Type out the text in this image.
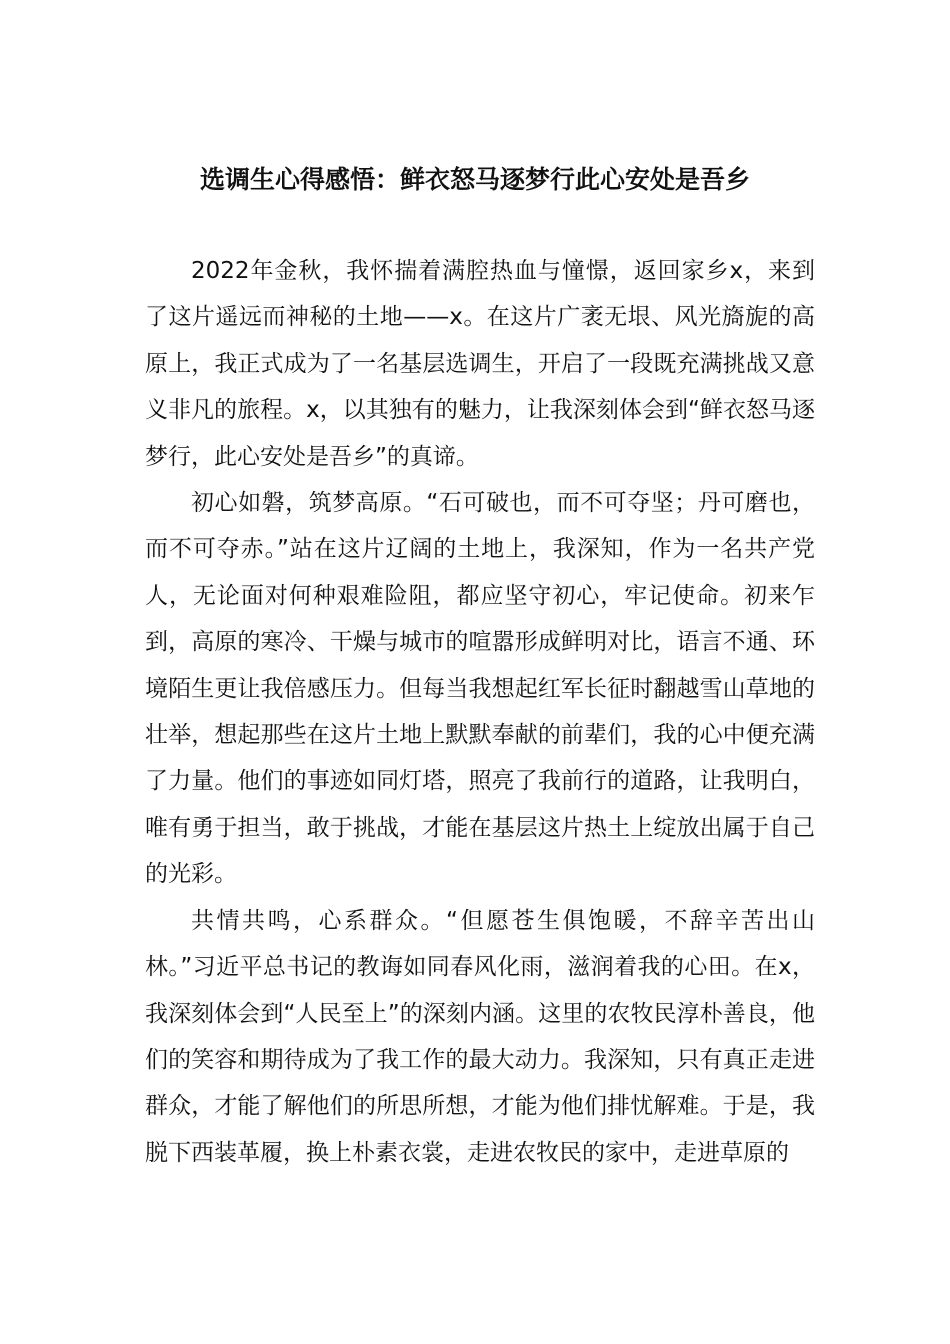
选调生心得感悟：鲜衣怒马逐梦行此心安处是吾乡

2022年金秋，我怀揣着满腔热血与憧憬，返回家乡x，来到了这片遥远而神秘的土地——x。在这片广袤无垠、风光旖旎的高原上，我正式成为了一名基层选调生，开启了一段既充满挑战又意义非凡的旅程。x，以其独有的魅力，让我深刻体会到“鲜衣怒马逐梦行，此心安处是吾乡”的真谛。

初心如磐，筑梦高原。“石可破也，而不可夺坚；丹可磨也，而不可夺赤。”站在这片辽阔的土地上，我深知，作为一名共产党人，无论面对何种艰难险阻，都应坚守初心，牢记使命。初来乍到，高原的寒冷、干燥与城市的喧嚣形成鲜明对比，语言不通、环境陌生更让我倍感压力。但每当我想起红军长征时翻越雪山草地的壮举，想起那些在这片土地上默默奉献的前辈们，我的心中便充满了力量。他们的事迹如同灯塔，照亮了我前行的道路，让我明白，唯有勇于担当，敢于挑战，才能在基层这片热土上绽放出属于自己的光彩。

共情共鸣，心系群众。“但愿苍生俱饱暖，不辞辛苦出山林。”习近平总书记的教诲如同春风化雨，滋润着我的心田。在x，我深刻体会到“人民至上”的深刻内涵。这里的农牧民淳朴善良，他们的笑容和期待成为了我工作的最大动力。我深知，只有真正走进群众，才能了解他们的所思所想，才能为他们排忧解难。于是，我脱下西装革履，换上朴素衣裳，走进农牧民的家中，走进草原的
